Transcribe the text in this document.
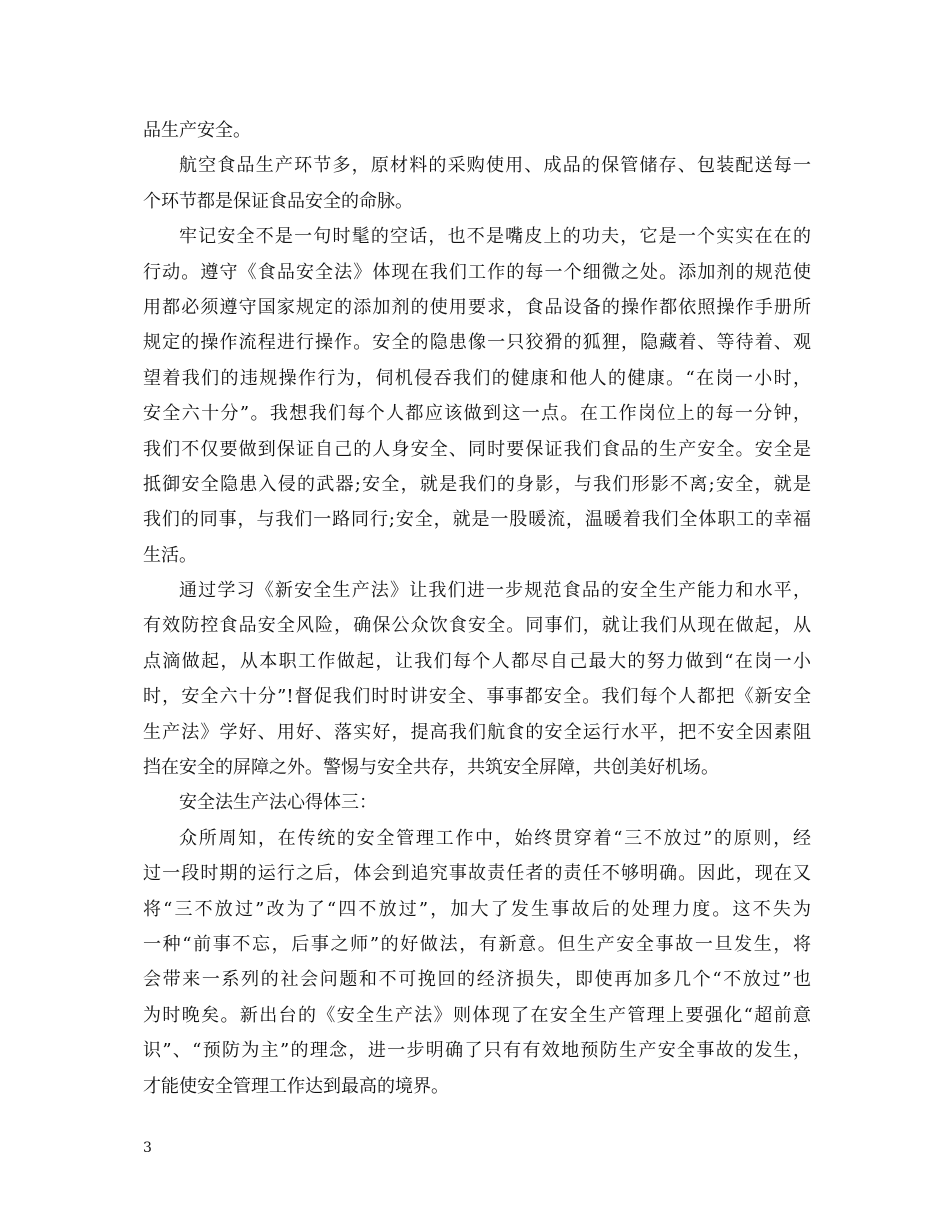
品生产安全。
航空食品生产环节多，原材料的采购使用、成品的保管储存、包装配送每一
个环节都是保证食品安全的命脉。
牢记安全不是一句时髦的空话，也不是嘴皮上的功夫，它是一个实实在在的
行动。遵守《食品安全法》体现在我们工作的每一个细微之处。添加剂的规范使
用都必须遵守国家规定的添加剂的使用要求，食品设备的操作都依照操作手册所
规定的操作流程进行操作。安全的隐患像一只狡猾的狐狸，隐藏着、等待着、观
望着我们的违规操作行为，伺机侵吞我们的健康和他人的健康。“在岗一小时，
安全六十分”。我想我们每个人都应该做到这一点。在工作岗位上的每一分钟，
我们不仅要做到保证自己的人身安全、同时要保证我们食品的生产安全。安全是
抵御安全隐患入侵的武器;安全，就是我们的身影，与我们形影不离;安全，就是
我们的同事，与我们一路同行;安全，就是一股暖流，温暖着我们全体职工的幸福
生活。
通过学习《新安全生产法》让我们进一步规范食品的安全生产能力和水平，
有效防控食品安全风险，确保公众饮食安全。同事们，就让我们从现在做起，从
点滴做起，从本职工作做起，让我们每个人都尽自己最大的努力做到“在岗一小
时，安全六十分”!督促我们时时讲安全、事事都安全。我们每个人都把《新安全
生产法》学好、用好、落实好，提高我们航食的安全运行水平，把不安全因素阻
挡在安全的屏障之外。警惕与安全共存，共筑安全屏障，共创美好机场。
安全法生产法心得体三：
众所周知，在传统的安全管理工作中，始终贯穿着“三不放过”的原则，经
过一段时期的运行之后，体会到追究事故责任者的责任不够明确。因此，现在又
将“三不放过”改为了“四不放过”，加大了发生事故后的处理力度。这不失为
一种“前事不忘，后事之师”的好做法，有新意。但生产安全事故一旦发生，将
会带来一系列的社会问题和不可挽回的经济损失，即使再加多几个“不放过”也
为时晚矣。新出台的《安全生产法》则体现了在安全生产管理上要强化“超前意
识”、“预防为主”的理念，进一步明确了只有有效地预防生产安全事故的发生，
才能使安全管理工作达到最高的境界。
3
